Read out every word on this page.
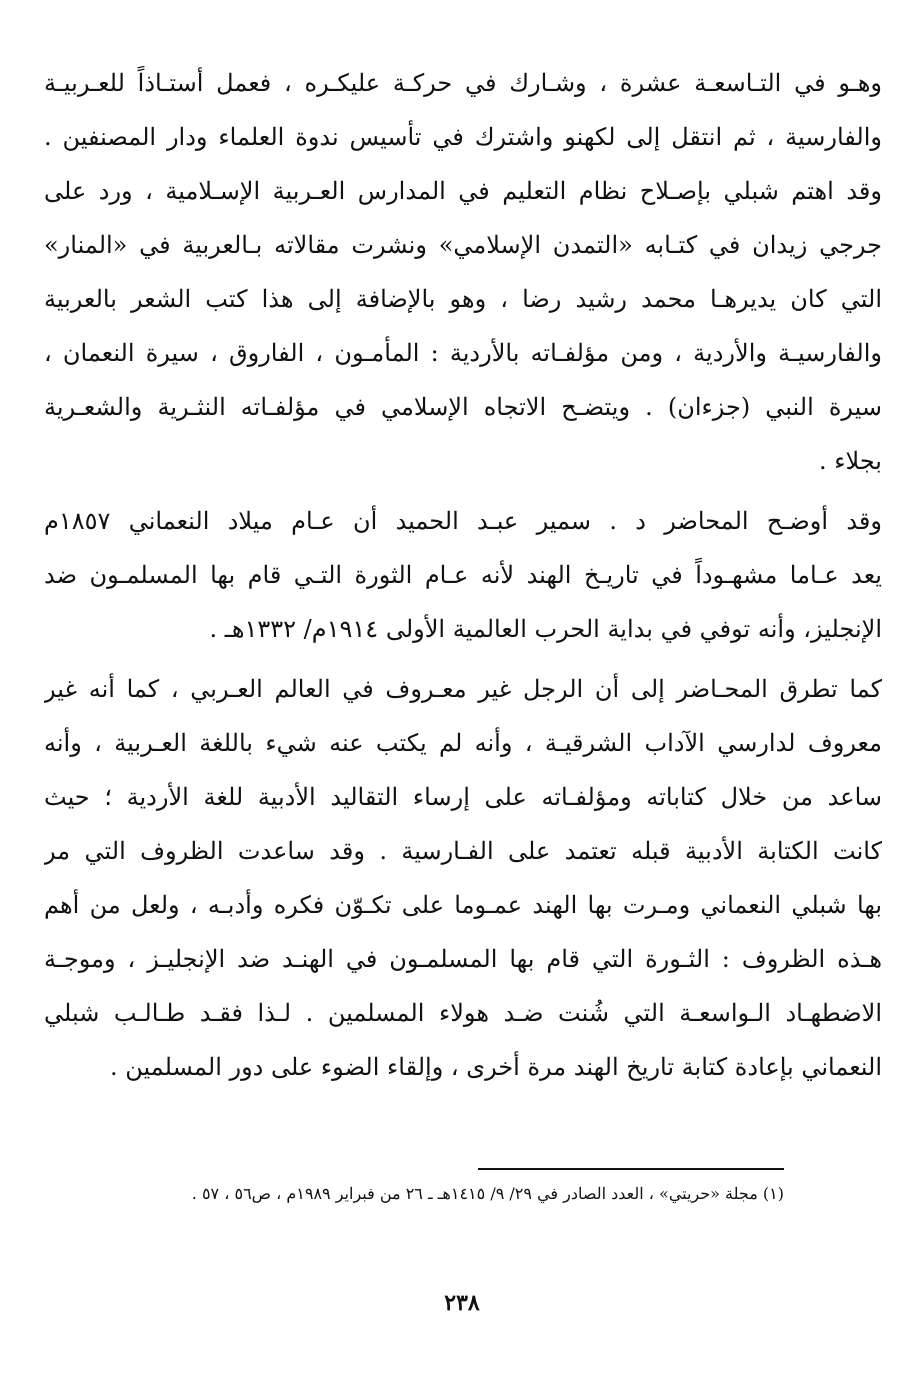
وهـو في التـاسعـة عشرة ، وشـارك في حركـة عليكـره ، فعمل أستـاذاً للعـربيـة
والفارسية ، ثم انتقل إلى لكهنو واشترك في تأسيس ندوة العلماء ودار المصنفين .
وقد اهتم شبلي بإصـلاح نظام التعليم في المدارس العـربية الإسـلامية ، ورد على
جرجي زيدان في كتـابه «التمدن الإسلامي» ونشرت مقالاته بـالعربية في «المنار»
التي كان يديرهـا محمد رشيد رضا ، وهو بالإضافة إلى هذا كتب الشعر بالعربية
والفارسيـة والأردية ، ومن مؤلفـاته بالأردية : المأمـون ، الفاروق ، سيرة النعمان ،
سيرة النبي (جزءان) . ويتضـح الاتجاه الإسلامي في مؤلفـاته النثـرية والشعـرية
بجلاء .
وقد أوضـح المحاضر د . سمير عبـد الحميد أن عـام ميلاد النعماني ١٨٥٧م
يعد عـاما مشهـوداً في تاريـخ الهند لأنه عـام الثورة التـي قام بها المسلمـون ضد
الإنجليز، وأنه توفي في بداية الحرب العالمية الأولى ١٩١٤م/ ١٣٣٢هـ .
كما تطرق المحـاضر إلى أن الرجل غير معـروف في العالم العـربي ، كما أنه غير
معروف لدارسي الآداب الشرقيـة ، وأنه لم يكتب عنه شيء باللغة العـربية ، وأنه
ساعد من خلال كتاباته ومؤلفـاته على إرساء التقاليد الأدبية للغة الأردية ؛ حيث
كانت الكتابة الأدبية قبله تعتمد على الفـارسية . وقد ساعدت الظروف التي مر
بها شبلي النعماني ومـرت بها الهند عمـوما على تكـوّن فكره وأدبـه ، ولعل من أهم
هـذه الظروف : الثـورة التي قام بها المسلمـون في الهنـد ضد الإنجليـز ، وموجـة
الاضطهـاد الـواسعـة التي شُنت ضـد هولاء المسلمين . لـذا فقـد طـالـب شبلي
النعماني بإعادة كتابة تاريخ الهند مرة أخرى ، وإلقاء الضوء على دور المسلمين .
(١) مجلة «حريتي» ، العدد الصادر في ٢٩/ ٩/ ١٤١٥هـ ـ ٢٦ من فبراير ١٩٨٩م ، ص٥٦ ، ٥٧ .
٢٣٨
